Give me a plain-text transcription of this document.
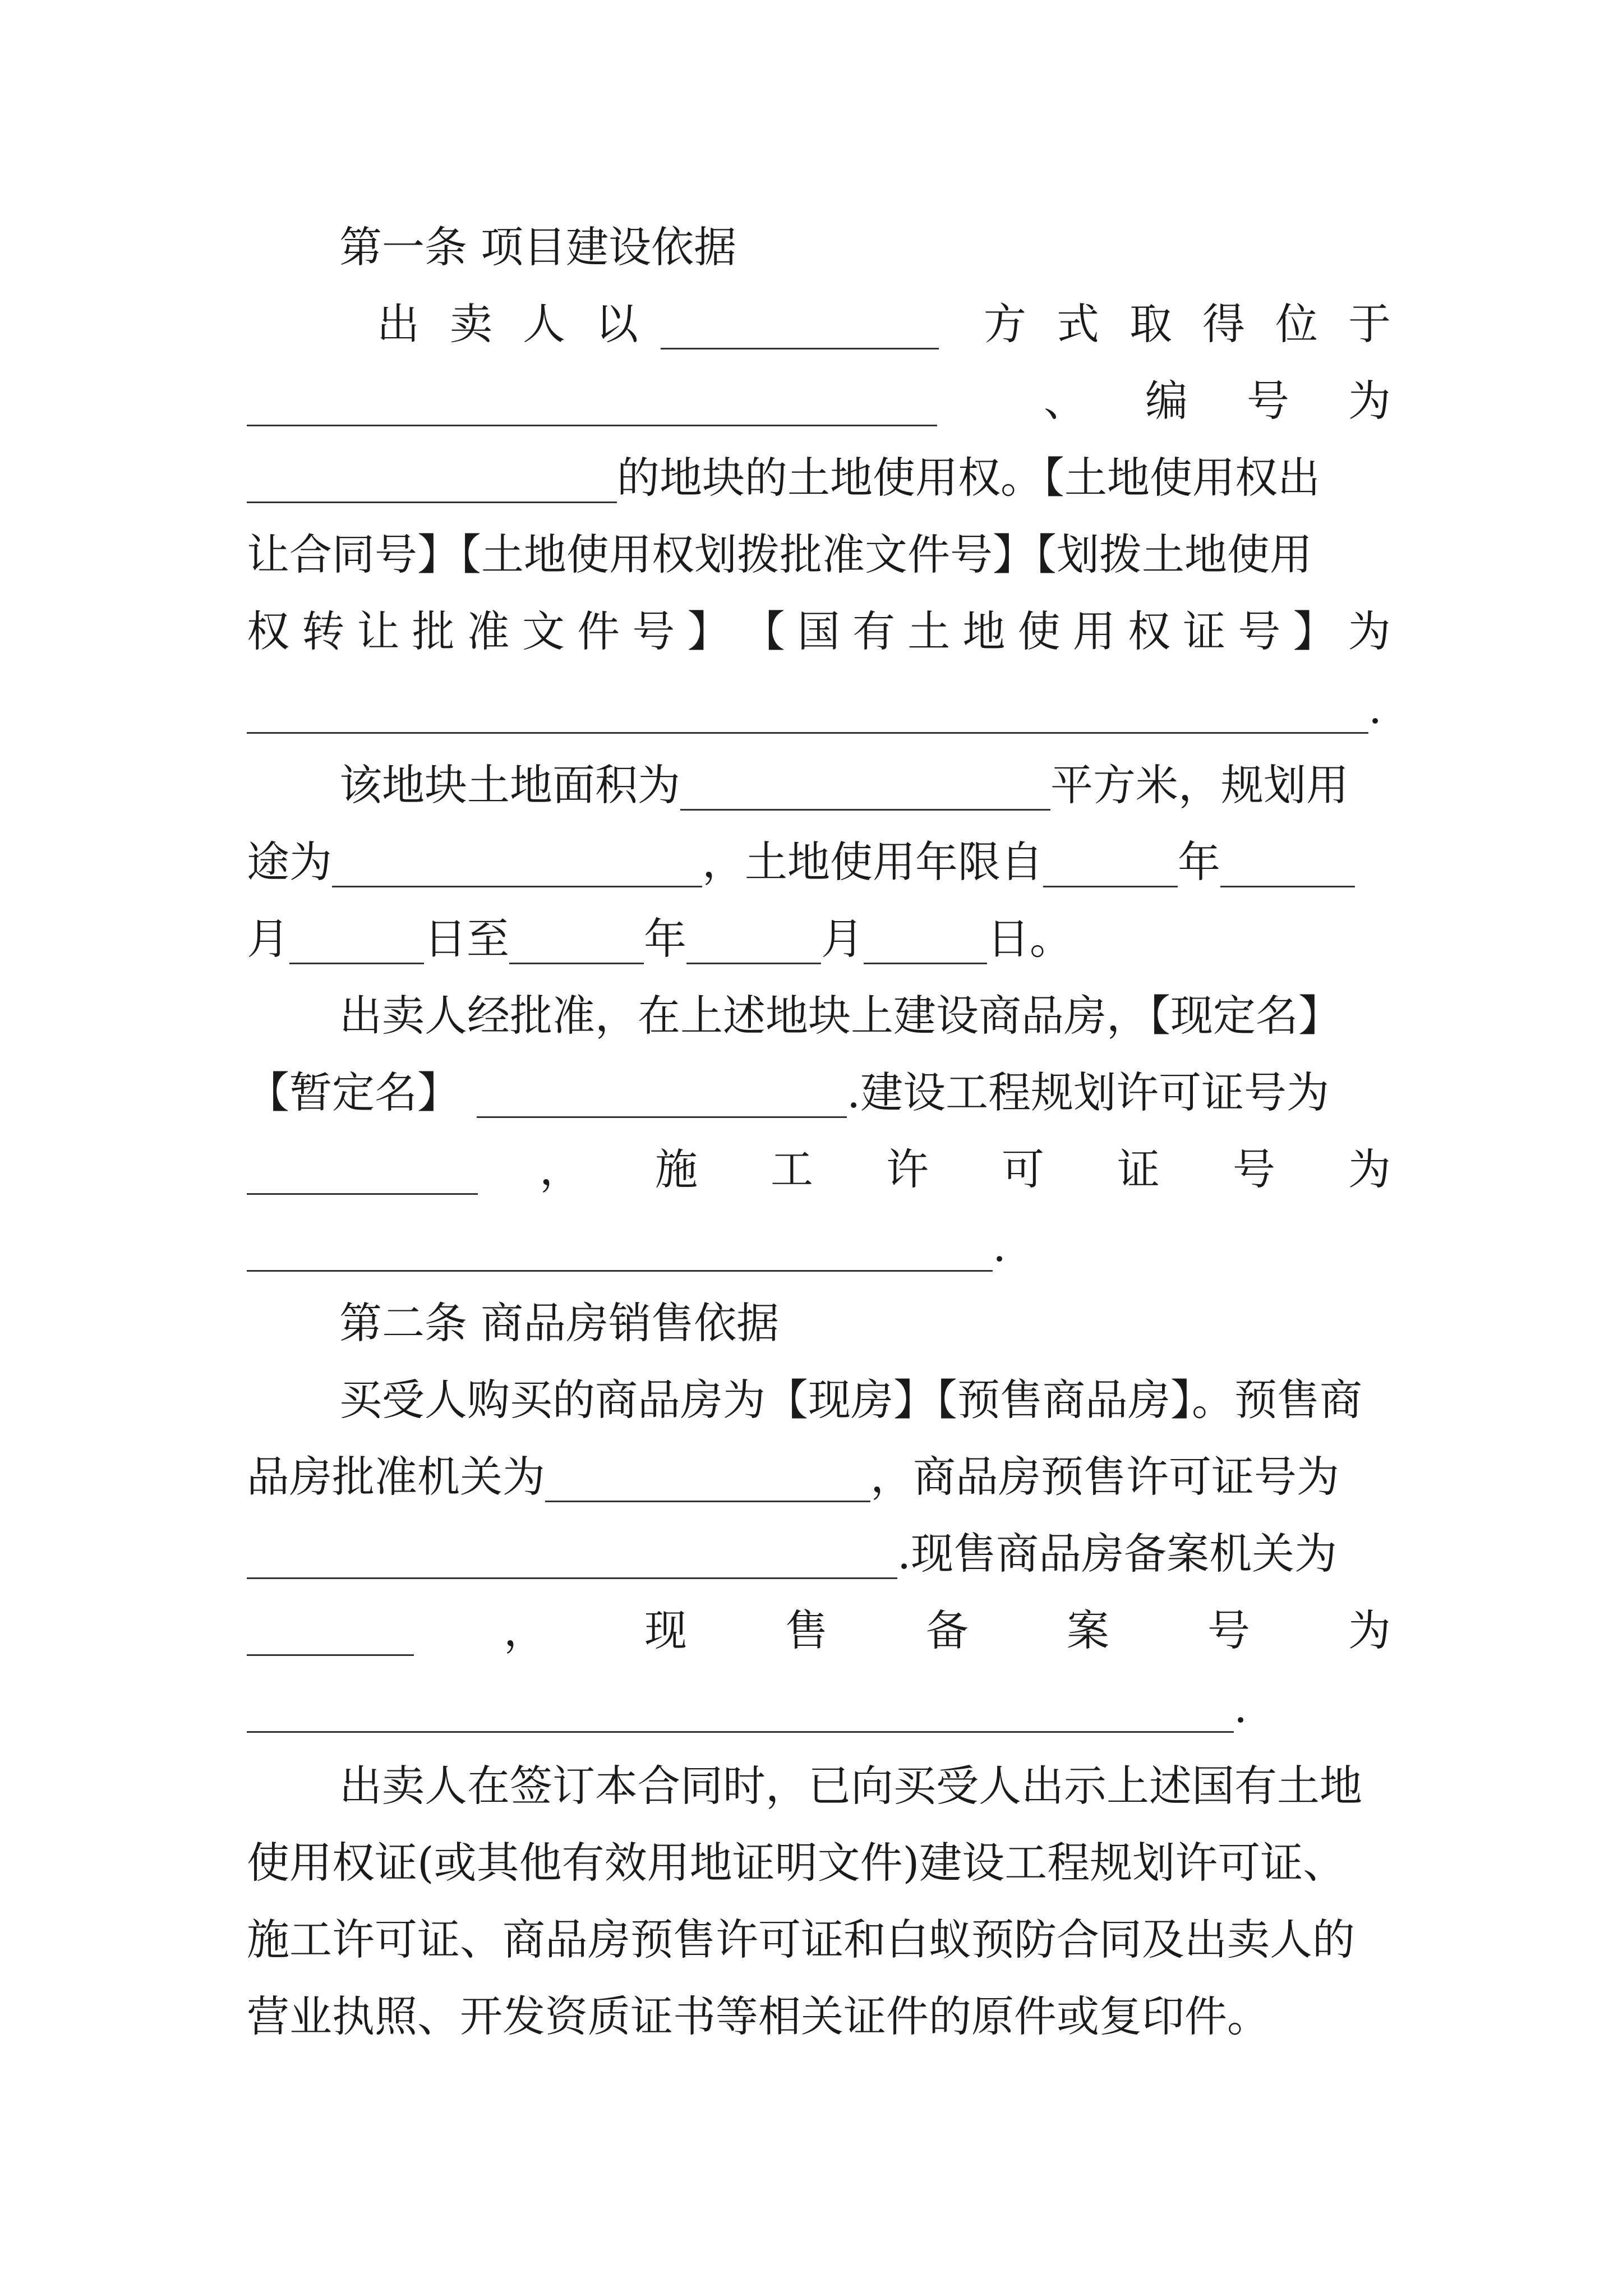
第一条 项目建设依据
出 卖 人 以	方 式 取 得 位 于
、 编 号 为
的地块的土地使用权。【土地使用权出
让合同号】【土地使用权划拨批准文件号】【划拨土地使用
权 转 让 批 准 文 件 号 】 【 国 有 土 地 使 用 权 证 号 】 为
.
该地块土地面积为	平方米，规划用
途为	，土地使用年限自	年
月	日至	年	月	日。
出卖人经批准，在上述地块上建设商品房，【现定名】
【暂定名】	.建设工程规划许可证号为
， 施 工 许 可 证 号 为
.
第二条 商品房销售依据
买受人购买的商品房为【现房】【预售商品房】。预售商
品房批准机关为	，商品房预售许可证号为
.现售商品房备案机关为
， 现 售 备 案 号 为
.
出卖人在签订本合同时，已向买受人出示上述国有土地
使用权证(或其他有效用地证明文件)建设工程规划许可证、
施工许可证、商品房预售许可证和白蚁预防合同及出卖人的
营业执照、开发资质证书等相关证件的原件或复印件。
